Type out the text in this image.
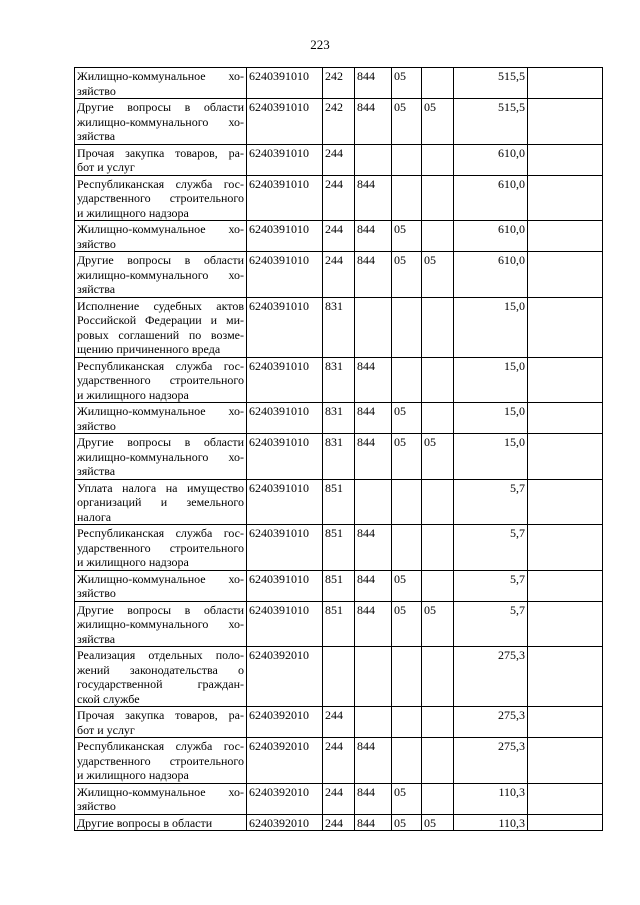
223
Жилищно-коммунальное хо-
зяйство	6240391010	242	844	05		515,5	

Другие вопросы в области
жилищно-коммунального хо-
зяйства	6240391010	242	844	05	05	515,5	

Прочая закупка товаров, ра-
бот и услуг	6240391010	244				610,0	

Республиканская служба гос-
ударственного строительного
и жилищного надзора	6240391010	244	844			610,0	

Жилищно-коммунальное хо-
зяйство	6240391010	244	844	05		610,0	

Другие вопросы в области
жилищно-коммунального хо-
зяйства	6240391010	244	844	05	05	610,0	

Исполнение судебных актов
Российской Федерации и ми-
ровых соглашений по возме-
щению причиненного вреда	6240391010	831				15,0	

Республиканская служба гос-
ударственного строительного
и жилищного надзора	6240391010	831	844			15,0	

Жилищно-коммунальное хо-
зяйство	6240391010	831	844	05		15,0	

Другие вопросы в области
жилищно-коммунального хо-
зяйства	6240391010	831	844	05	05	15,0	

Уплата налога на имущество
организаций и земельного
налога	6240391010	851				5,7	

Республиканская служба гос-
ударственного строительного
и жилищного надзора	6240391010	851	844			5,7	

Жилищно-коммунальное хо-
зяйство	6240391010	851	844	05		5,7	

Другие вопросы в области
жилищно-коммунального хо-
зяйства	6240391010	851	844	05	05	5,7	

Реализация отдельных поло-
жений законодательства о
государственной граждан-
ской службе	6240392010					275,3	

Прочая закупка товаров, ра-
бот и услуг	6240392010	244				275,3	

Республиканская служба гос-
ударственного строительного
и жилищного надзора	6240392010	244	844			275,3	

Жилищно-коммунальное хо-
зяйство	6240392010	244	844	05		110,3	

Другие вопросы в области	6240392010	244	844	05	05	110,3	
